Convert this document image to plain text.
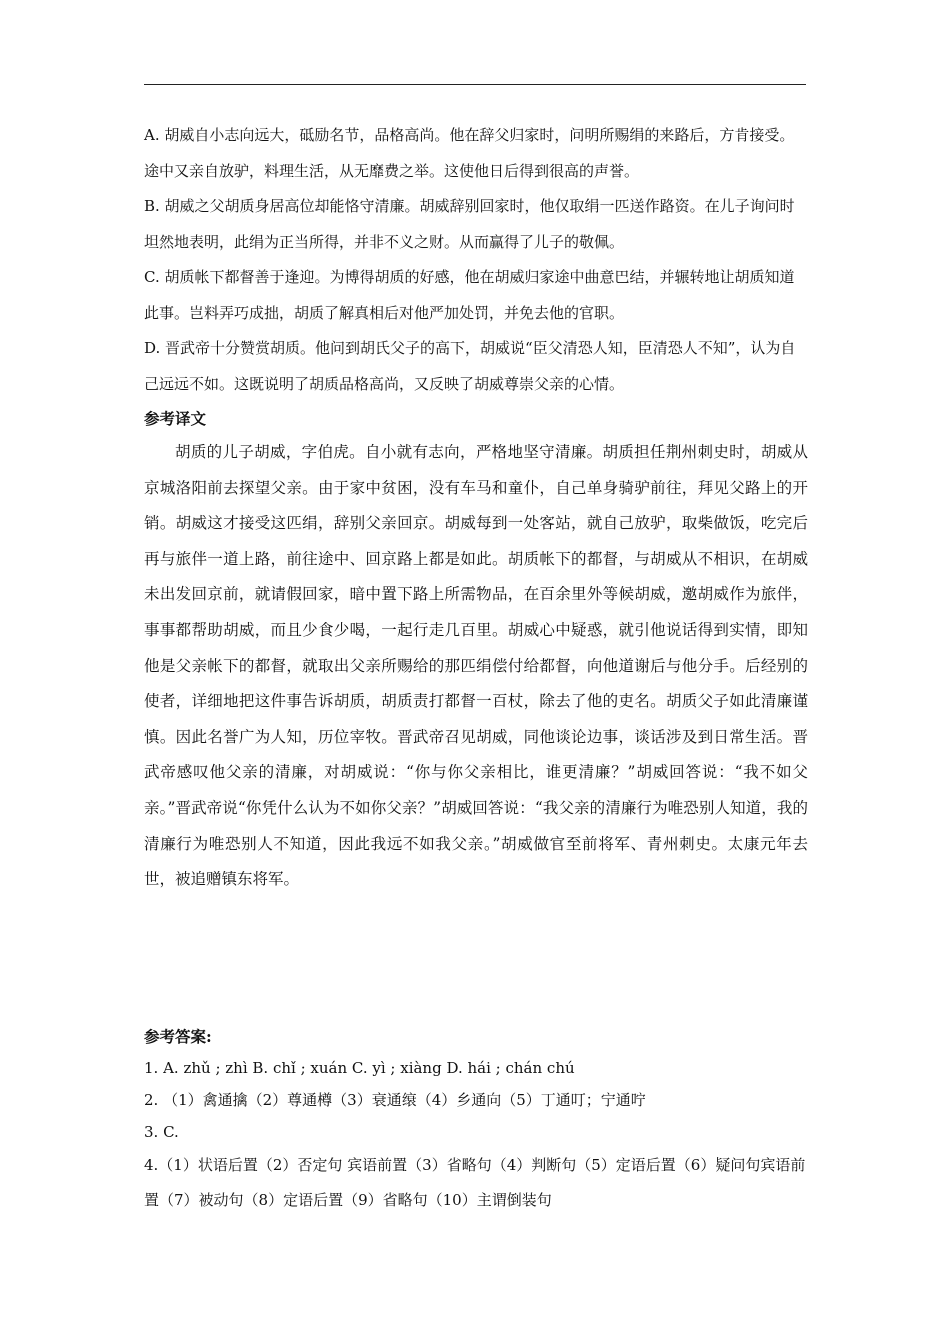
A. 胡威自小志向远大，砥励名节，品格高尚。他在辞父归家时，问明所赐绢的来路后，方肯接受。途中又亲自放驴，料理生活，从无靡费之举。这使他日后得到很高的声誉。

B. 胡威之父胡质身居高位却能恪守清廉。胡威辞别回家时，他仅取绢一匹送作路资。在儿子询问时坦然地表明，此绢为正当所得，并非不义之财。从而赢得了儿子的敬佩。

C. 胡质帐下都督善于逢迎。为博得胡质的好感，他在胡威归家途中曲意巴结，并辗转地让胡质知道此事。岂料弄巧成拙，胡质了解真相后对他严加处罚，并免去他的官职。

D. 晋武帝十分赞赏胡质。他问到胡氏父子的高下，胡威说“臣父清恐人知，臣清恐人不知”，认为自己远远不如。这既说明了胡质品格高尚，又反映了胡威尊崇父亲的心情。

参考译文

胡质的儿子胡威，字伯虎。自小就有志向，严格地坚守清廉。胡质担任荆州刺史时，胡威从京城洛阳前去探望父亲。由于家中贫困，没有车马和童仆，自己单身骑驴前往，拜见父路上的开销。胡威这才接受这匹绢，辞别父亲回京。胡威每到一处客站，就自己放驴，取柴做饭，吃完后再与旅伴一道上路，前往途中、回京路上都是如此。胡质帐下的都督，与胡威从不相识，在胡威未出发回京前，就请假回家，暗中置下路上所需物品，在百余里外等候胡威，邀胡威作为旅伴，事事都帮助胡威，而且少食少喝，一起行走几百里。胡威心中疑惑，就引他说话得到实情，即知他是父亲帐下的都督，就取出父亲所赐给的那匹绢偿付给都督，向他道谢后与他分手。后经别的使者，详细地把这件事告诉胡质，胡质责打都督一百杖，除去了他的吏名。胡质父子如此清廉谨慎。因此名誉广为人知，历位宰牧。晋武帝召见胡威，同他谈论边事，谈话涉及到日常生活。晋武帝感叹他父亲的清廉，对胡威说：“你与你父亲相比，谁更清廉？”胡威回答说：“我不如父亲。”晋武帝说“你凭什么认为不如你父亲？”胡威回答说：“我父亲的清廉行为唯恐别人知道，我的清廉行为唯恐别人不知道，因此我远不如我父亲。”胡威做官至前将军、青州刺史。太康元年去世，被追赠镇东将军。

参考答案:

1. A. zhǔ ; zhì B. chǐ ; xuán C. yì ; xiàng D. hái ; chán chú

2. （1）禽通擒（2）尊通樽（3）衰通缞（4）乡通向（5）丁通叮；宁通咛

3. C.

4.（1）状语后置（2）否定句 宾语前置（3）省略句（4）判断句（5）定语后置（6）疑问句宾语前置（7）被动句（8）定语后置（9）省略句（10）主谓倒装句
